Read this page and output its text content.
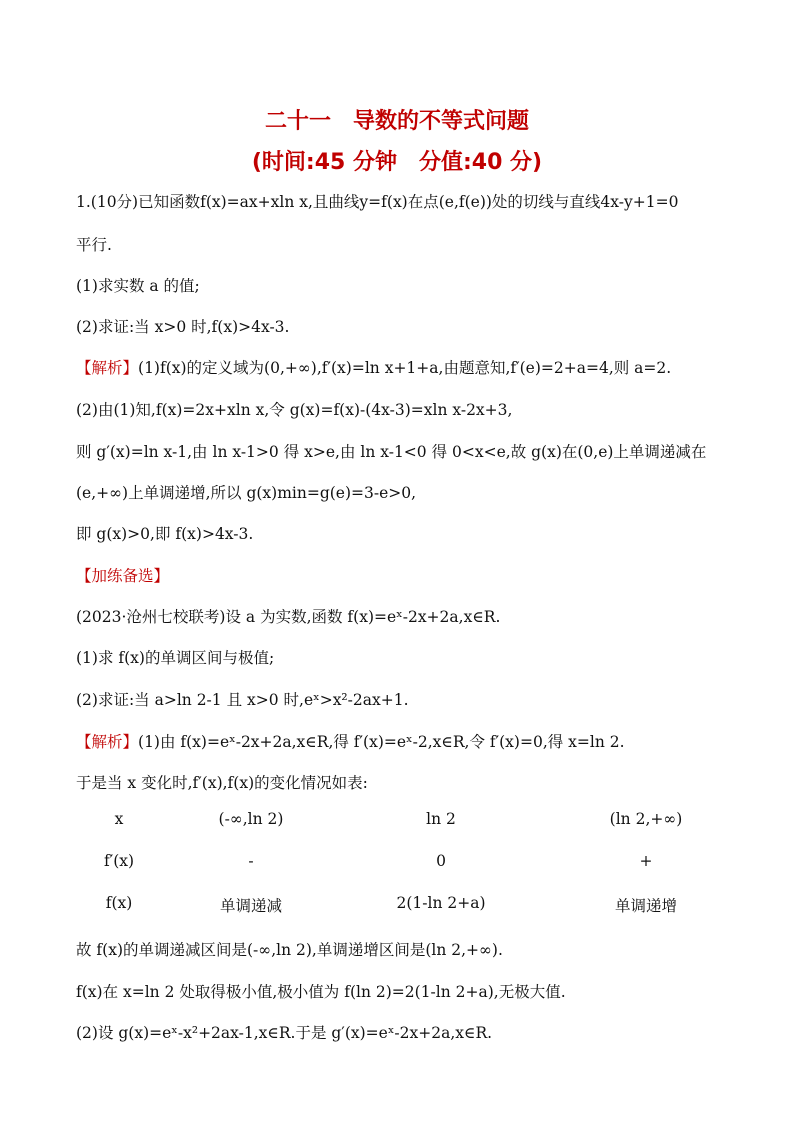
二十一　导数的不等式问题
(时间:45 分钟　分值:40 分)
1.(10分)已知函数f(x)=ax+xln x,且曲线y=f(x)在点(e,f(e))处的切线与直线4x-y+1=0
平行.
(1)求实数 a 的值;
(2)求证:当 x>0 时,f(x)>4x-3.
【解析】(1)f(x)的定义域为(0,+∞),f′(x)=ln x+1+a,由题意知,f′(e)=2+a=4,则 a=2.
(2)由(1)知,f(x)=2x+xln x,令 g(x)=f(x)-(4x-3)=xln x-2x+3,
则 g′(x)=ln x-1,由 ln x-1>0 得 x>e,由 ln x-1<0 得 0<x<e,故 g(x)在(0,e)上单调递减在
(e,+∞)上单调递增,所以 g(x)min=g(e)=3-e>0,
即 g(x)>0,即 f(x)>4x-3.
【加练备选】
(2023·沧州七校联考)设 a 为实数,函数 f(x)=eˣ-2x+2a,x∈R.
(1)求 f(x)的单调区间与极值;
(2)求证:当 a>ln 2-1 且 x>0 时,eˣ>x²-2ax+1.
【解析】(1)由 f(x)=eˣ-2x+2a,x∈R,得 f′(x)=eˣ-2,x∈R,令 f′(x)=0,得 x=ln 2.
于是当 x 变化时,f′(x),f(x)的变化情况如表:
x	(-∞,ln 2)	ln 2	(ln 2,+∞)
f′(x)	-	0	+
f(x)	单调递减	2(1-ln 2+a)	单调递增
故 f(x)的单调递减区间是(-∞,ln 2),单调递增区间是(ln 2,+∞).
f(x)在 x=ln 2 处取得极小值,极小值为 f(ln 2)=2(1-ln 2+a),无极大值.
(2)设 g(x)=eˣ-x²+2ax-1,x∈R.于是 g′(x)=eˣ-2x+2a,x∈R.
